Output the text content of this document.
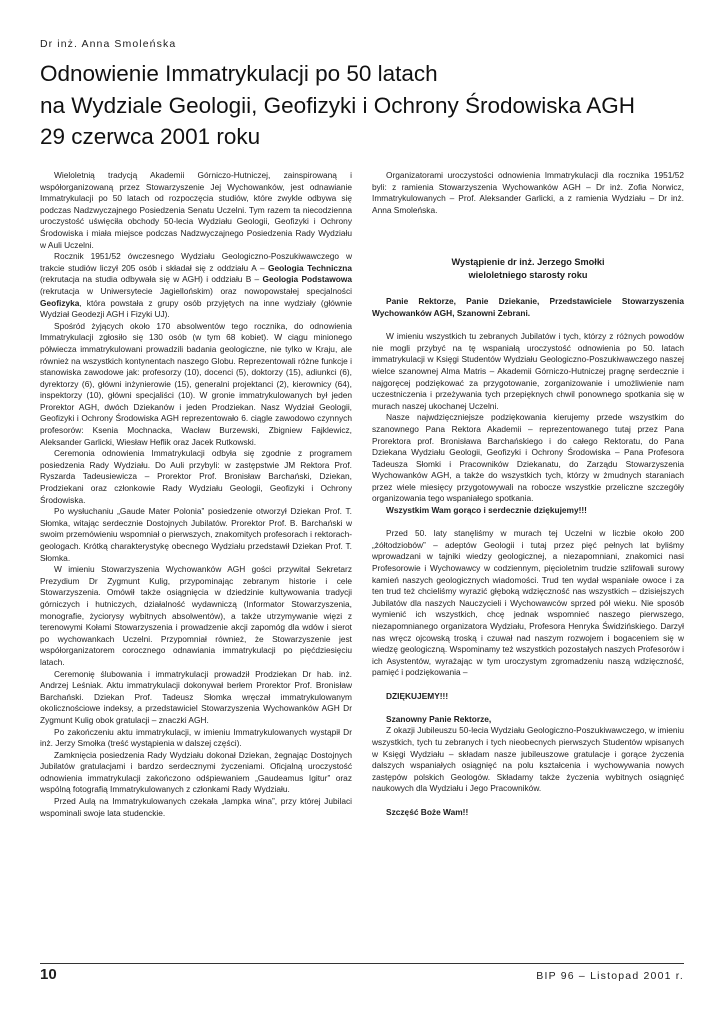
Dr inż. Anna Smoleńska
Odnowienie Immatrykulacji po 50 latach
na Wydziale Geologii, Geofizyki i Ochrony Środowiska AGH
29 czerwca 2001 roku

Wieloletnią tradycją Akademii Górniczo-Hutniczej, zainspirowaną i współorganizowaną przez Stowarzyszenie Jej Wychowanków, jest odnawianie Immatrykulacji po 50 latach od rozpoczęcia studiów, które zwykle odbywa się podczas Nadzwyczajnego Posiedzenia Senatu Uczelni. Tym razem ta niecodzienna uroczystość uświęciła obchody 50-lecia Wydziału Geologii, Geofizyki i Ochrony Środowiska i miała miejsce podczas Nadzwyczajnego Posiedzenia Rady Wydziału w Auli Uczelni.

Rocznik 1951/52 ówczesnego Wydziału Geologiczno-Poszukiwawczego w trakcie studiów liczył 205 osób i składał się z oddziału A – Geologia Techniczna (rekrutacja na studia odbywała się w AGH) i oddziału B – Geologia Podstawowa (rekrutacja w Uniwersytecie Jagiellońskim) oraz nowopowstałej specjalności Geofizyka, która powstała z grupy osób przyjętych na inne wydziały (głównie Wydział Geodezji AGH i Fizyki UJ).

Spośród żyjących około 170 absolwentów tego rocznika, do odnowienia Immatrykulacji zgłosiło się 130 osób (w tym 68 kobiet). W ciągu minionego półwiecza immatrykulowani prowadzili badania geologiczne, nie tylko w Kraju, ale również na wszystkich kontynentach naszego Globu. Reprezentowali różne funkcje i stanowiska zawodowe jak: profesorzy (10), docenci (5), doktorzy (15), adiunkci (6), dyrektorzy (6), główni inżynierowie (15), generalni projektanci (2), kierownicy (64), inspektorzy (10), główni specjaliści (10). W gronie immatrykulowanych był jeden Prorektor AGH, dwóch Dziekanów i jeden Prodziekan. Nasz Wydział Geologii, Geofizyki i Ochrony Środowiska AGH reprezentowało 6. ciągle zawodowo czynnych profesorów: Ksenia Mochnacka, Wacław Burzewski, Zbigniew Fajklewicz, Aleksander Garlicki, Wiesław Heflik oraz Jacek Rutkowski.

Ceremonia odnowienia Immatrykulacji odbyła się zgodnie z programem posiedzenia Rady Wydziału. Do Auli przybyli: w zastępstwie JM Rektora Prof. Ryszarda Tadeusiewicza – Prorektor Prof. Bronisław Barchański, Dziekan, Prodziekani oraz członkowie Rady Wydziału Geologii, Geofizyki i Ochrony Środowiska.

Po wysłuchaniu „Gaude Mater Polonia” posiedzenie otworzył Dziekan Prof. T. Słomka, witając serdecznie Dostojnych Jubilatów. Prorektor Prof. B. Barchański w swoim przemówieniu wspomniał o pierwszych, znakomitych profesorach i rektorach-geologach. Krótką charakterystykę obecnego Wydziału przedstawił Dziekan Prof. T. Słomka.

W imieniu Stowarzyszenia Wychowanków AGH gości przywitał Sekretarz Prezydium Dr Zygmunt Kulig, przypominając zebranym historie i cele Stowarzyszenia. Omówił także osiągnięcia w dziedzinie kultywowania tradycji górniczych i hutniczych, działalność wydawniczą (Informator Stowarzyszenia, monografie, życiorysy wybitnych absolwentów), a także utrzymywanie więzi z terenowymi Kołami Stowarzyszenia i prowadzenie akcji zapomóg dla wdów i sierot po wychowankach Uczelni. Przypomniał również, że Stowarzyszenie jest współorganizatorem corocznego odnawiania immatrykulacji po pięćdziesięciu latach.

Ceremonię ślubowania i immatrykulacji prowadził Prodziekan Dr hab. inż. Andrzej Leśniak. Aktu immatrykulacji dokonywał berłem Prorektor Prof. Bronisław Barchański. Dziekan Prof. Tadeusz Słomka wręczał immatrykulowanym okolicznościowe indeksy, a przedstawiciel Stowarzyszenia Wychowanków AGH Dr Zygmunt Kulig obok gratulacji – znaczki AGH.

Po zakończeniu aktu immatrykulacji, w imieniu Immatrykulowanych wystąpił Dr inż. Jerzy Smołka (treść wystąpienia w dalszej części).

Zamknięcia posiedzenia Rady Wydziału dokonał Dziekan, żegnając Dostojnych Jubilatów gratulacjami i bardzo serdecznymi życzeniami. Oficjalną uroczystość odnowienia immatrykulacji zakończono odśpiewaniem „Gaudeamus Igitur” oraz wspólną fotografią Immatrykulowanych z członkami Rady Wydziału.

Przed Aulą na Immatrykulowanych czekała „lampka wina”, przy której Jubilaci wspominali swoje lata studenckie.

Organizatorami uroczystości odnowienia Immatrykulacji dla rocznika 1951/52 byli: z ramienia Stowarzyszenia Wychowanków AGH – Dr inż. Zofia Norwicz, Immatrykulowanych – Prof. Aleksander Garlicki, a z ramienia Wydziału – Dr inż. Anna Smoleńska.

Wystąpienie dr inż. Jerzego Smołki

wieloletniego starosty roku

Panie Rektorze, Panie Dziekanie, Przedstawiciele Stowarzyszenia Wychowanków AGH, Szanowni Zebrani.

W imieniu wszystkich tu zebranych Jubilatów i tych, którzy z różnych powodów nie mogli przybyć na tę wspaniałą uroczystość odnowienia po 50. latach immatrykulacji w Księgi Studentów Wydziału Geologiczno-Poszukiwawczego naszej wielce szanownej Alma Matris – Akademii Górniczo-Hutniczej pragnę serdecznie i najgoręcej podziękować za przygotowanie, zorganizowanie i umożliwienie nam uczestniczenia i przeżywania tych przepięknych chwil ponownego spotkania się w murach naszej ukochanej Uczelni.

Nasze najwdzięczniejsze podziękowania kierujemy przede wszystkim do szanownego Pana Rektora Akademii – reprezentowanego tutaj przez Pana Prorektora prof. Bronisława Barchańskiego i do całego Rektoratu, do Pana Dziekana Wydziału Geologii, Geofizyki i Ochrony Środowiska – Pana Profesora Tadeusza Słomki i Pracowników Dziekanatu, do Zarządu Stowarzyszenia Wychowanków AGH, a także do wszystkich tych, którzy w żmudnych staraniach przez wiele miesięcy przygotowywali na robocze wszystkie przeliczne szczegóły organizowania tego wspaniałego spotkania.

Wszystkim Wam gorąco i serdecznie dziękujemy!!!

Przed 50. laty stanęliśmy w murach tej Uczelni w liczbie około 200 „żółtodziobów” – adeptów Geologii i tutaj przez pięć pełnych lat byliśmy wprowadzani w tajniki wiedzy geologicznej, a niezapomniani, znakomici nasi Profesorowie i Wychowawcy w codziennym, pięcioletnim trudzie szlifowali surowy kamień naszych geologicznych wiadomości. Trud ten wydał wspaniałe owoce i za ten trud też chcieliśmy wyrazić głęboką wdzięczność nas wszystkich – dzisiejszych Jubilatów dla naszych Nauczycieli i Wychowawców sprzed pół wieku. Nie sposób wymienić ich wszystkich, chcę jednak wspomnieć naszego pierwszego, niezapomnianego organizatora Wydziału, Profesora Henryka Świdzińskiego. Darzył nas wręcz ojcowską troską i czuwał nad naszym rozwojem i bogaceniem się w wiedzę geologiczną. Wspominamy też wszystkich pozostałych naszych Profesorów i ich Asystentów, wyrażając w tym uroczystym zgromadzeniu naszą wdzięczność, pamięć i podziękowania –

DZIĘKUJEMY!!!

Szanowny Panie Rektorze,

Z okazji Jubileuszu 50-lecia Wydziału Geologiczno-Poszukiwawczego, w imieniu wszystkich, tych tu zebranych i tych nieobecnych pierwszych Studentów wpisanych w Księgi Wydziału – składam nasze jubileuszowe gratulacje i gorące życzenia dalszych wspaniałych osiągnięć na polu kształcenia i wychowywania nowych zastępów polskich Geologów. Składamy także życzenia wybitnych osiągnięć naukowych dla Wydziału i Jego Pracowników.

Szczęść Boże Wam!!

10	BIP 96 – Listopad 2001 r.
